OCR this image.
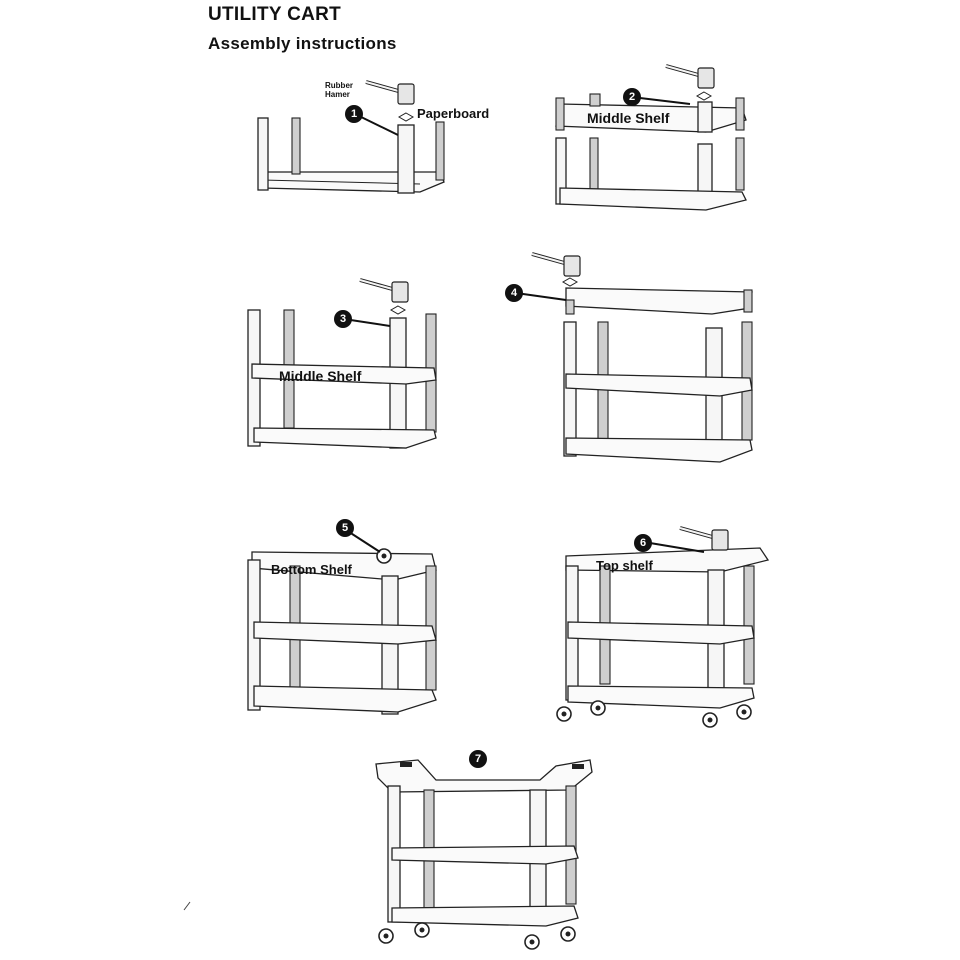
UTILITY CART
Assembly instructions
1
Rubber
Hamer
Paperboard
2
Middle Shelf
3
Middle Shelf
4
5
Bottom Shelf
6
Top shelf
7
